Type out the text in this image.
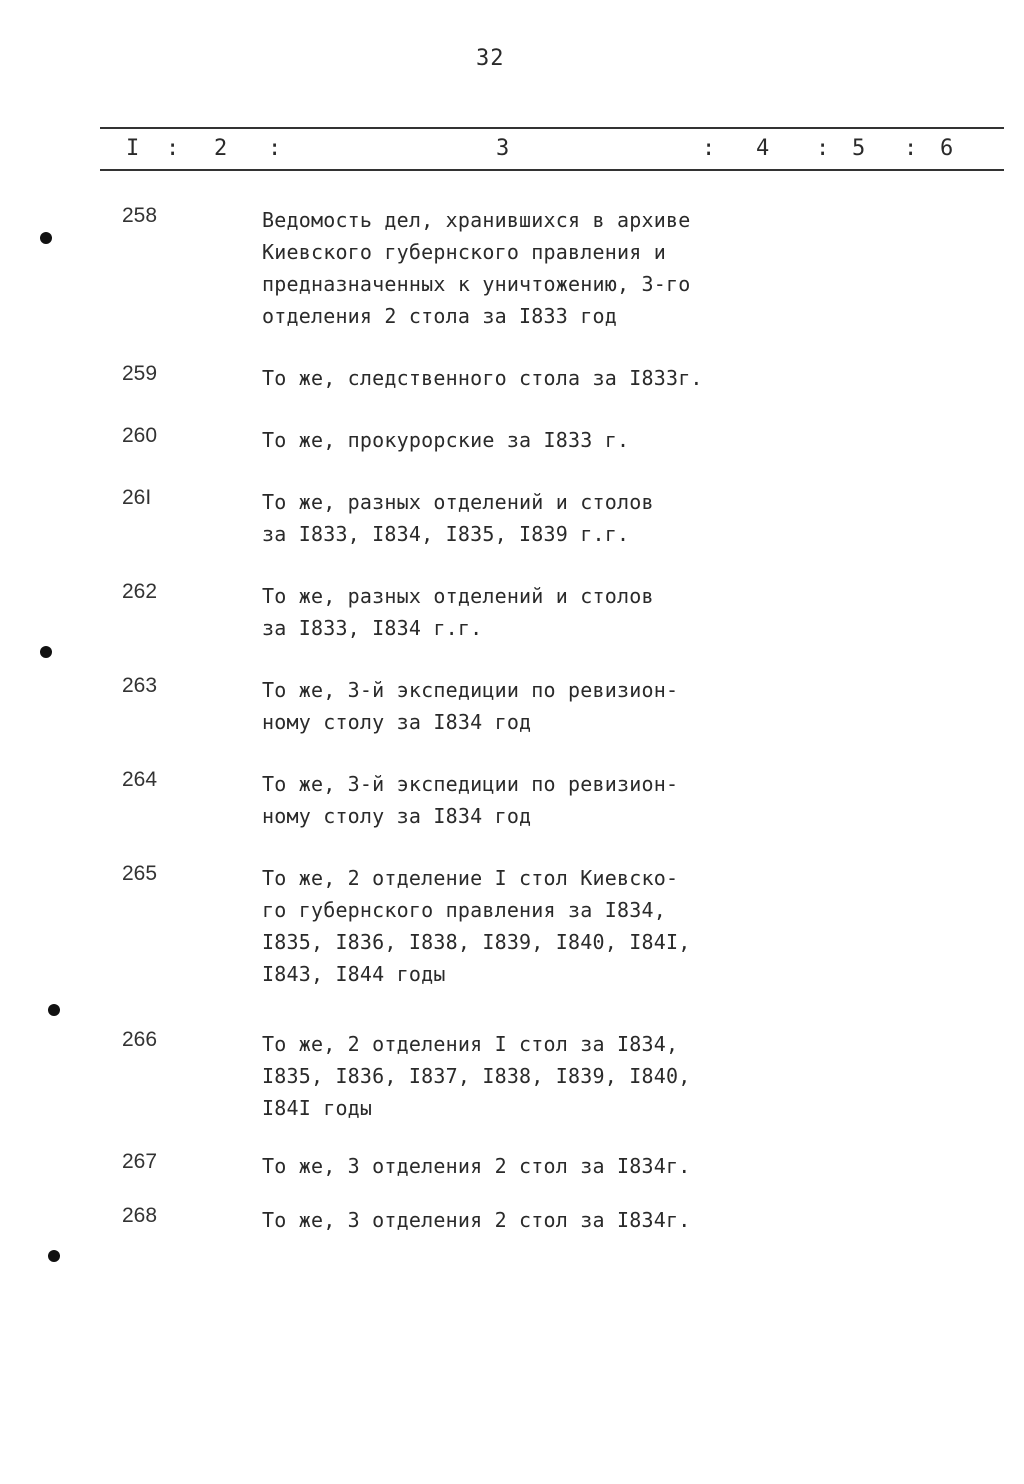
32
I : 2 :	3	: 4 : 5 : 6
258	Ведомость дел, хранившихся в архиве
Киевского губернского правления и
предназначенных к уничтожению, 3-го
отделения 2 стола за I833 год
259	То же, следственного стола за I833г.
260	То же, прокурорские за I833 г.
26I	То же, разных отделений и столов
за I833, I834, I835, I839 г.г.
262	То же, разных отделений и столов
за I833, I834 г.г.
263	То же, 3-й экспедиции по ревизион-
ному столу за I834 год
264	То же, 3-й экспедиции по ревизион-
ному столу за I834 год
265	То же, 2 отделение I стол Киевско-
го губернского правления за I834,
I835, I836, I838, I839, I840, I84I,
I843, I844 годы
266	То же, 2 отделения I стол за I834,
I835, I836, I837, I838, I839, I840,
I84I годы
267	То же, 3 отделения 2 стол за I834г.
268	То же, 3 отделения 2 стол за I834г.
